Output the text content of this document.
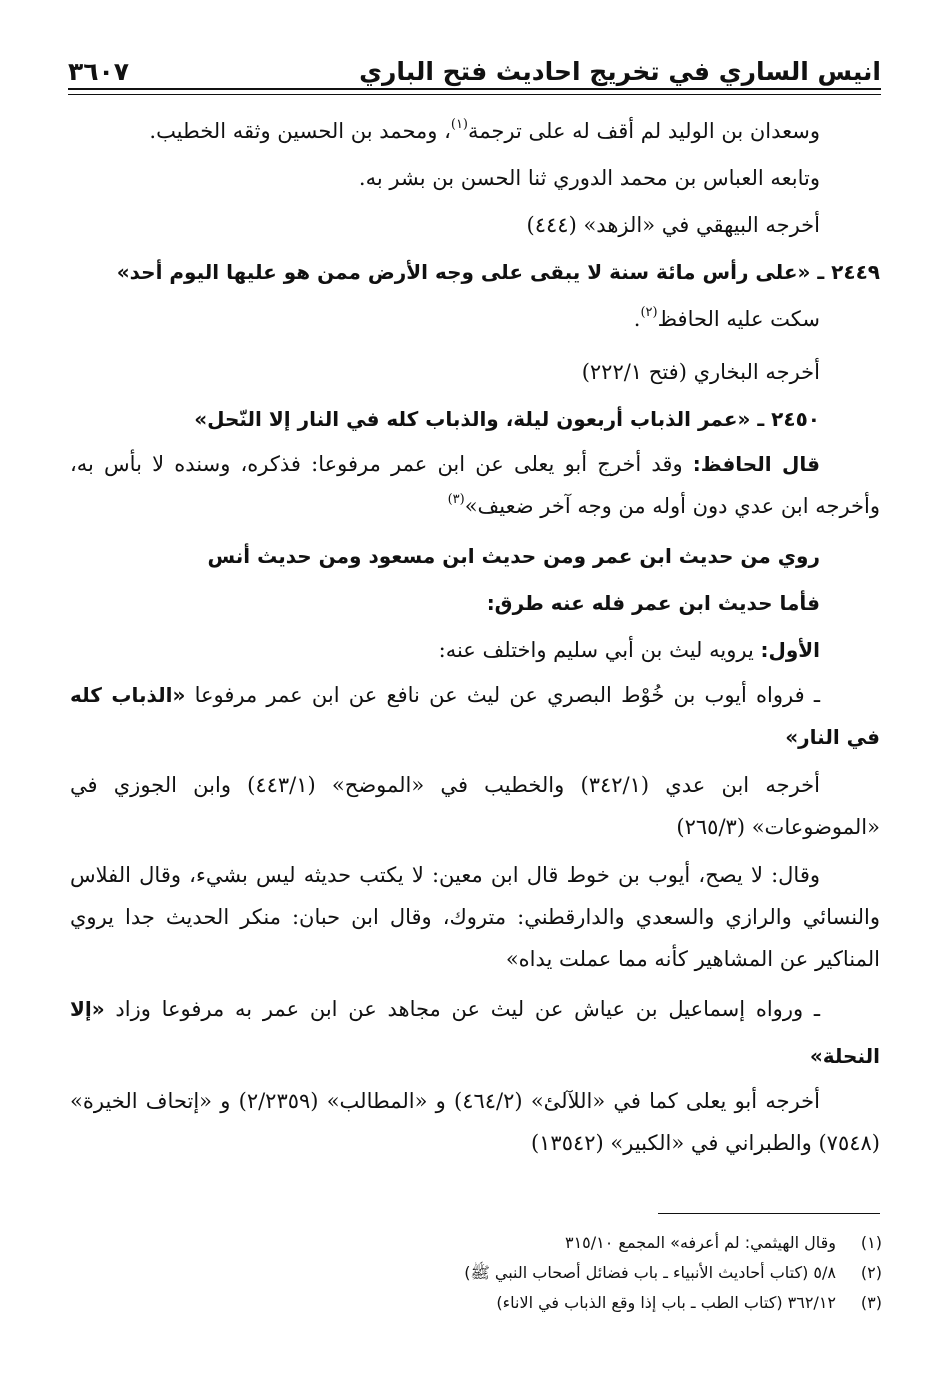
انيس الساري في تخريج احاديث فتح الباري
٣٦٠٧

وسعدان بن الوليد لم أقف له على ترجمة$^{(١)}$، ومحمد بن الحسين وثقه الخطيب.

وتابعه العباس بن محمد الدوري ثنا الحسن بن بشر به.

أخرجه البيهقي في «الزهد» (٤٤٤)

٢٤٤٩ ـ «على رأس مائة سنة لا يبقى على وجه الأرض ممن هو عليها اليوم أحد»

سكت عليه الحافظ$^{(٢)}$.

أخرجه البخاري (فتح ٢٢٢/١)

٢٤٥٠ ـ «عمر الذباب أربعون ليلة، والذباب كله في النار إلا النّحل»

قال الحافظ: وقد أخرج أبو يعلى عن ابن عمر مرفوعا: فذكره، وسنده لا بأس به، وأخرجه ابن عدي دون أوله من وجه آخر ضعيف»$^{(٣)}$

روي من حديث ابن عمر ومن حديث ابن مسعود ومن حديث أنس

فأما حديث ابن عمر فله عنه طرق:

الأول: يرويه ليث بن أبي سليم واختلف عنه:

ـ فرواه أيوب بن خُوْط البصري عن ليث عن نافع عن ابن عمر مرفوعا «الذباب كله في النار»

أخرجه ابن عدي (٣٤٢/١) والخطيب في «الموضح» (٤٤٣/١) وابن الجوزي في «الموضوعات» (٢٦٥/٣)

وقال: لا يصح، أيوب بن خوط قال ابن معين: لا يكتب حديثه ليس بشيء، وقال الفلاس والنسائي والرازي والسعدي والدارقطني: متروك، وقال ابن حبان: منكر الحديث جدا يروي المناكير عن المشاهير كأنه مما عملت يداه»

ـ ورواه إسماعيل بن عياش عن ليث عن مجاهد عن ابن عمر به مرفوعا وزاد «إلا النحلة»

أخرجه أبو يعلى كما في «اللآلئ» (٤٦٤/٢) و «المطالب» (٢/٢٣٥٩) و «إتحاف الخيرة» (٧٥٤٨) والطبراني في «الكبير» (١٣٥٤٢)

(١)وقال الهيثمي: لم أعرفه» المجمع ٣١٥/١٠

(٢)٥/٨ (كتاب أحاديث الأنبياء ـ باب فضائل أصحاب النبي ﷺ)

(٣)٣٦٢/١٢ (كتاب الطب ـ باب إذا وقع الذباب في الاناء)
